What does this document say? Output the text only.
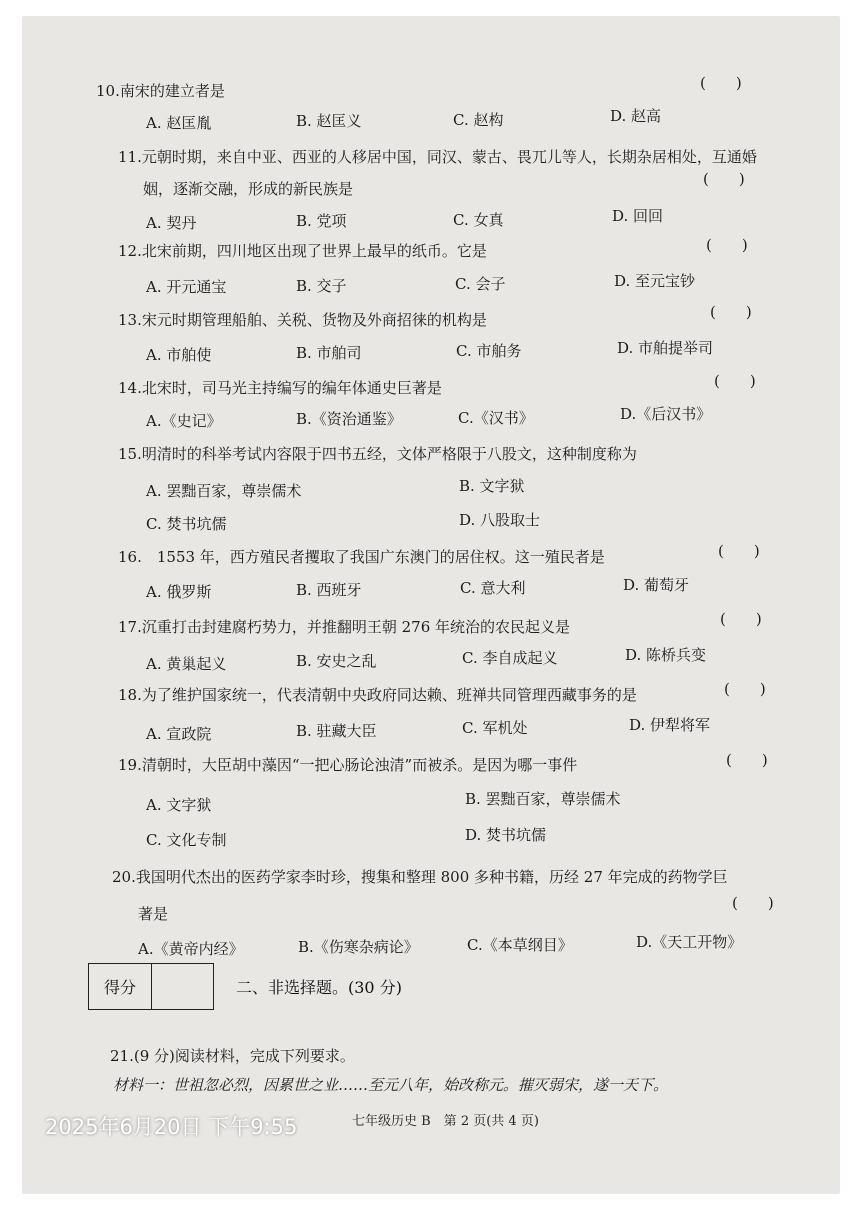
10.南宋的建立者是	(　　)
A. 赵匡胤	B. 赵匡义	C. 赵构	D. 赵高
11.元朝时期，来自中亚、西亚的人移居中国，同汉、蒙古、畏兀儿等人，长期杂居相处，互通婚
姻，逐渐交融，形成的新民族是
(　　)
A. 契丹	B. 党项	C. 女真	D. 回回
12.北宋前期，四川地区出现了世界上最早的纸币。它是	(　　)
A. 开元通宝	B. 交子	C. 会子	D. 至元宝钞
13.宋元时期管理船舶、关税、货物及外商招徕的机构是	(　　)
A. 市舶使	B. 市舶司	C. 市舶务	D. 市舶提举司
14.北宋时，司马光主持编写的编年体通史巨著是	(　　)
A.《史记》	B.《资治通鉴》	C.《汉书》	D.《后汉书》
15.明清时的科举考试内容限于四书五经，文体严格限于八股文，这种制度称为
A. 罢黜百家，尊崇儒术	B. 文字狱
C. 焚书坑儒	D. 八股取士
16.　1553 年，西方殖民者攫取了我国广东澳门的居住权。这一殖民者是	(　　)
A. 俄罗斯	B. 西班牙	C. 意大利	D. 葡萄牙
17.沉重打击封建腐朽势力，并推翻明王朝 276 年统治的农民起义是	(　　)
A. 黄巢起义	B. 安史之乱	C. 李自成起义	D. 陈桥兵变
18.为了维护国家统一，代表清朝中央政府同达赖、班禅共同管理西藏事务的是	(　　)
A. 宣政院	B. 驻藏大臣	C. 军机处	D. 伊犁将军
19.清朝时，大臣胡中藻因“一把心肠论浊清”而被杀。是因为哪一事件	(　　)
A. 文字狱	B. 罢黜百家，尊崇儒术
C. 文化专制	D. 焚书坑儒
20.我国明代杰出的医药学家李时珍，搜集和整理 800 多种书籍，历经 27 年完成的药物学巨
著是
(　　)
A.《黄帝内经》	B.《伤寒杂病论》	C.《本草纲目》	D.《天工开物》
得分	二、非选择题。(30 分)
21.(9 分)阅读材料，完成下列要求。
材料一：世祖忽必烈，因累世之业……至元八年，始改称元。摧灭弱宋，遂一天下。
七年级历史 B　第 2 页(共 4 页)
2025年6月20日 下午9:55
